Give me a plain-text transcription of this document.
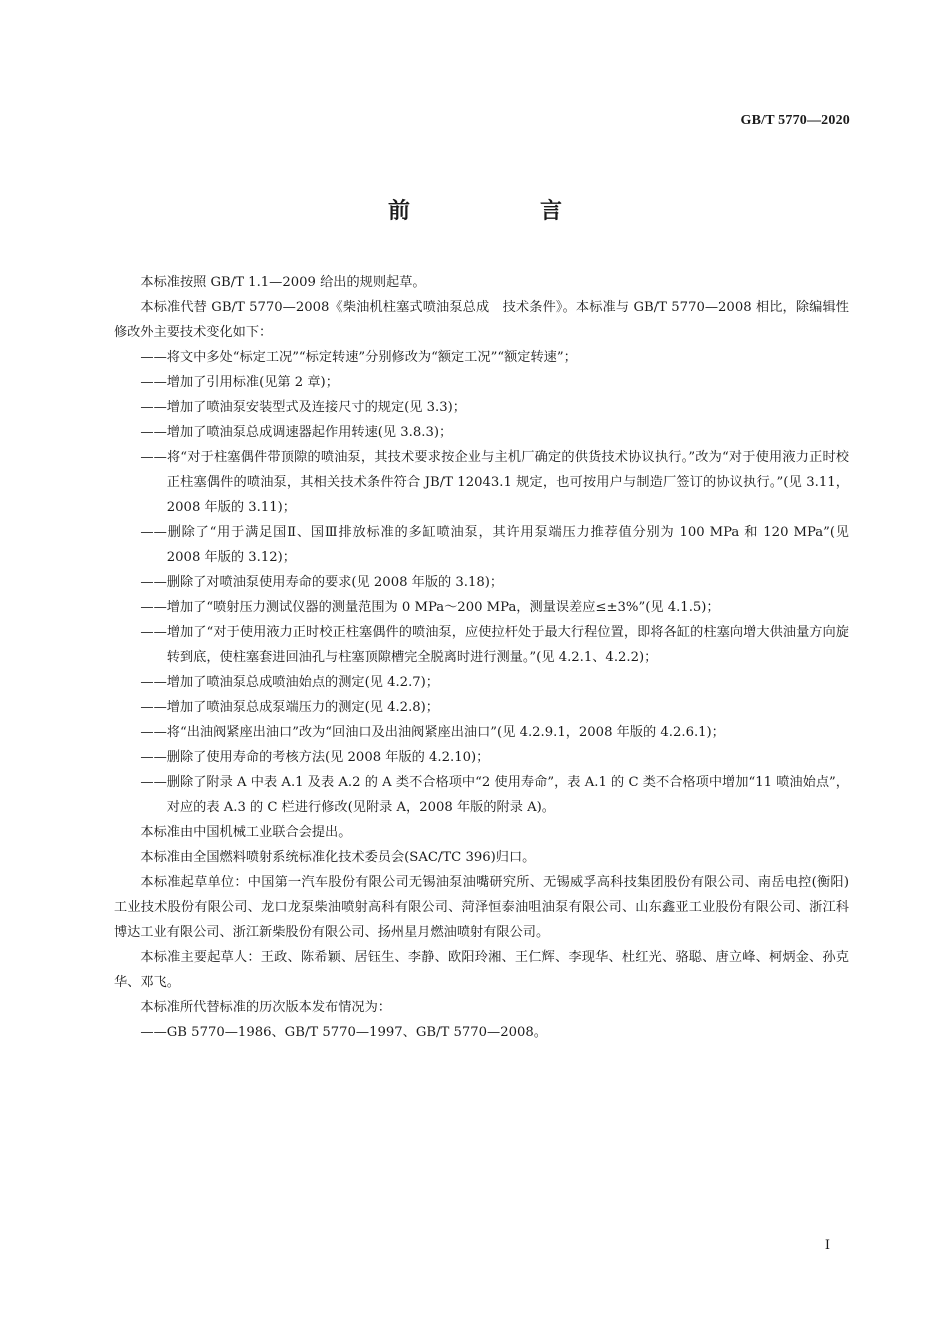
GB/T 5770—2020
前　言

本标准按照 GB/T 1.1—2009 给出的规则起草。

本标准代替 GB/T 5770—2008《柴油机柱塞式喷油泵总成　技术条件》。本标准与 GB/T 5770—2008 相比，除编辑性修改外主要技术变化如下：

——将文中多处“标定工况”“标定转速”分别修改为“额定工况”“额定转速”；

——增加了引用标准(见第 2 章)；

——增加了喷油泵安装型式及连接尺寸的规定(见 3.3)；

——增加了喷油泵总成调速器起作用转速(见 3.8.3)；

——将“对于柱塞偶件带顶隙的喷油泵，其技术要求按企业与主机厂确定的供货技术协议执行。”改为“对于使用液力正时校正柱塞偶件的喷油泵，其相关技术条件符合 JB/T 12043.1 规定，也可按用户与制造厂签订的协议执行。”(见 3.11，2008 年版的 3.11)；

——删除了“用于满足国Ⅱ、国Ⅲ排放标准的多缸喷油泵，其许用泵端压力推荐值分别为 100 MPa 和 120 MPa”(见 2008 年版的 3.12)；

——删除了对喷油泵使用寿命的要求(见 2008 年版的 3.18)；

——增加了“喷射压力测试仪器的测量范围为 0 MPa～200 MPa，测量误差应≤±3%”(见 4.1.5)；

——增加了“对于使用液力正时校正柱塞偶件的喷油泵，应使拉杆处于最大行程位置，即将各缸的柱塞向增大供油量方向旋转到底，使柱塞套进回油孔与柱塞顶隙槽完全脱离时进行测量。”(见 4.2.1、4.2.2)；

——增加了喷油泵总成喷油始点的测定(见 4.2.7)；

——增加了喷油泵总成泵端压力的测定(见 4.2.8)；

——将“出油阀紧座出油口”改为“回油口及出油阀紧座出油口”(见 4.2.9.1，2008 年版的 4.2.6.1)；

——删除了使用寿命的考核方法(见 2008 年版的 4.2.10)；

——删除了附录 A 中表 A.1 及表 A.2 的 A 类不合格项中“2 使用寿命”，表 A.1 的 C 类不合格项中增加“11 喷油始点”，对应的表 A.3 的 C 栏进行修改(见附录 A，2008 年版的附录 A)。

本标准由中国机械工业联合会提出。

本标准由全国燃料喷射系统标准化技术委员会(SAC/TC 396)归口。

本标准起草单位：中国第一汽车股份有限公司无锡油泵油嘴研究所、无锡威孚高科技集团股份有限公司、南岳电控(衡阳)工业技术股份有限公司、龙口龙泵柴油喷射高科有限公司、菏泽恒泰油咀油泵有限公司、山东鑫亚工业股份有限公司、浙江科博达工业有限公司、浙江新柴股份有限公司、扬州星月燃油喷射有限公司。

本标准主要起草人：王政、陈希颖、居钰生、李静、欧阳玲湘、王仁辉、李现华、杜红光、骆聪、唐立峰、柯炳金、孙克华、邓飞。

本标准所代替标准的历次版本发布情况为：

——GB 5770—1986、GB/T 5770—1997、GB/T 5770—2008。

I
